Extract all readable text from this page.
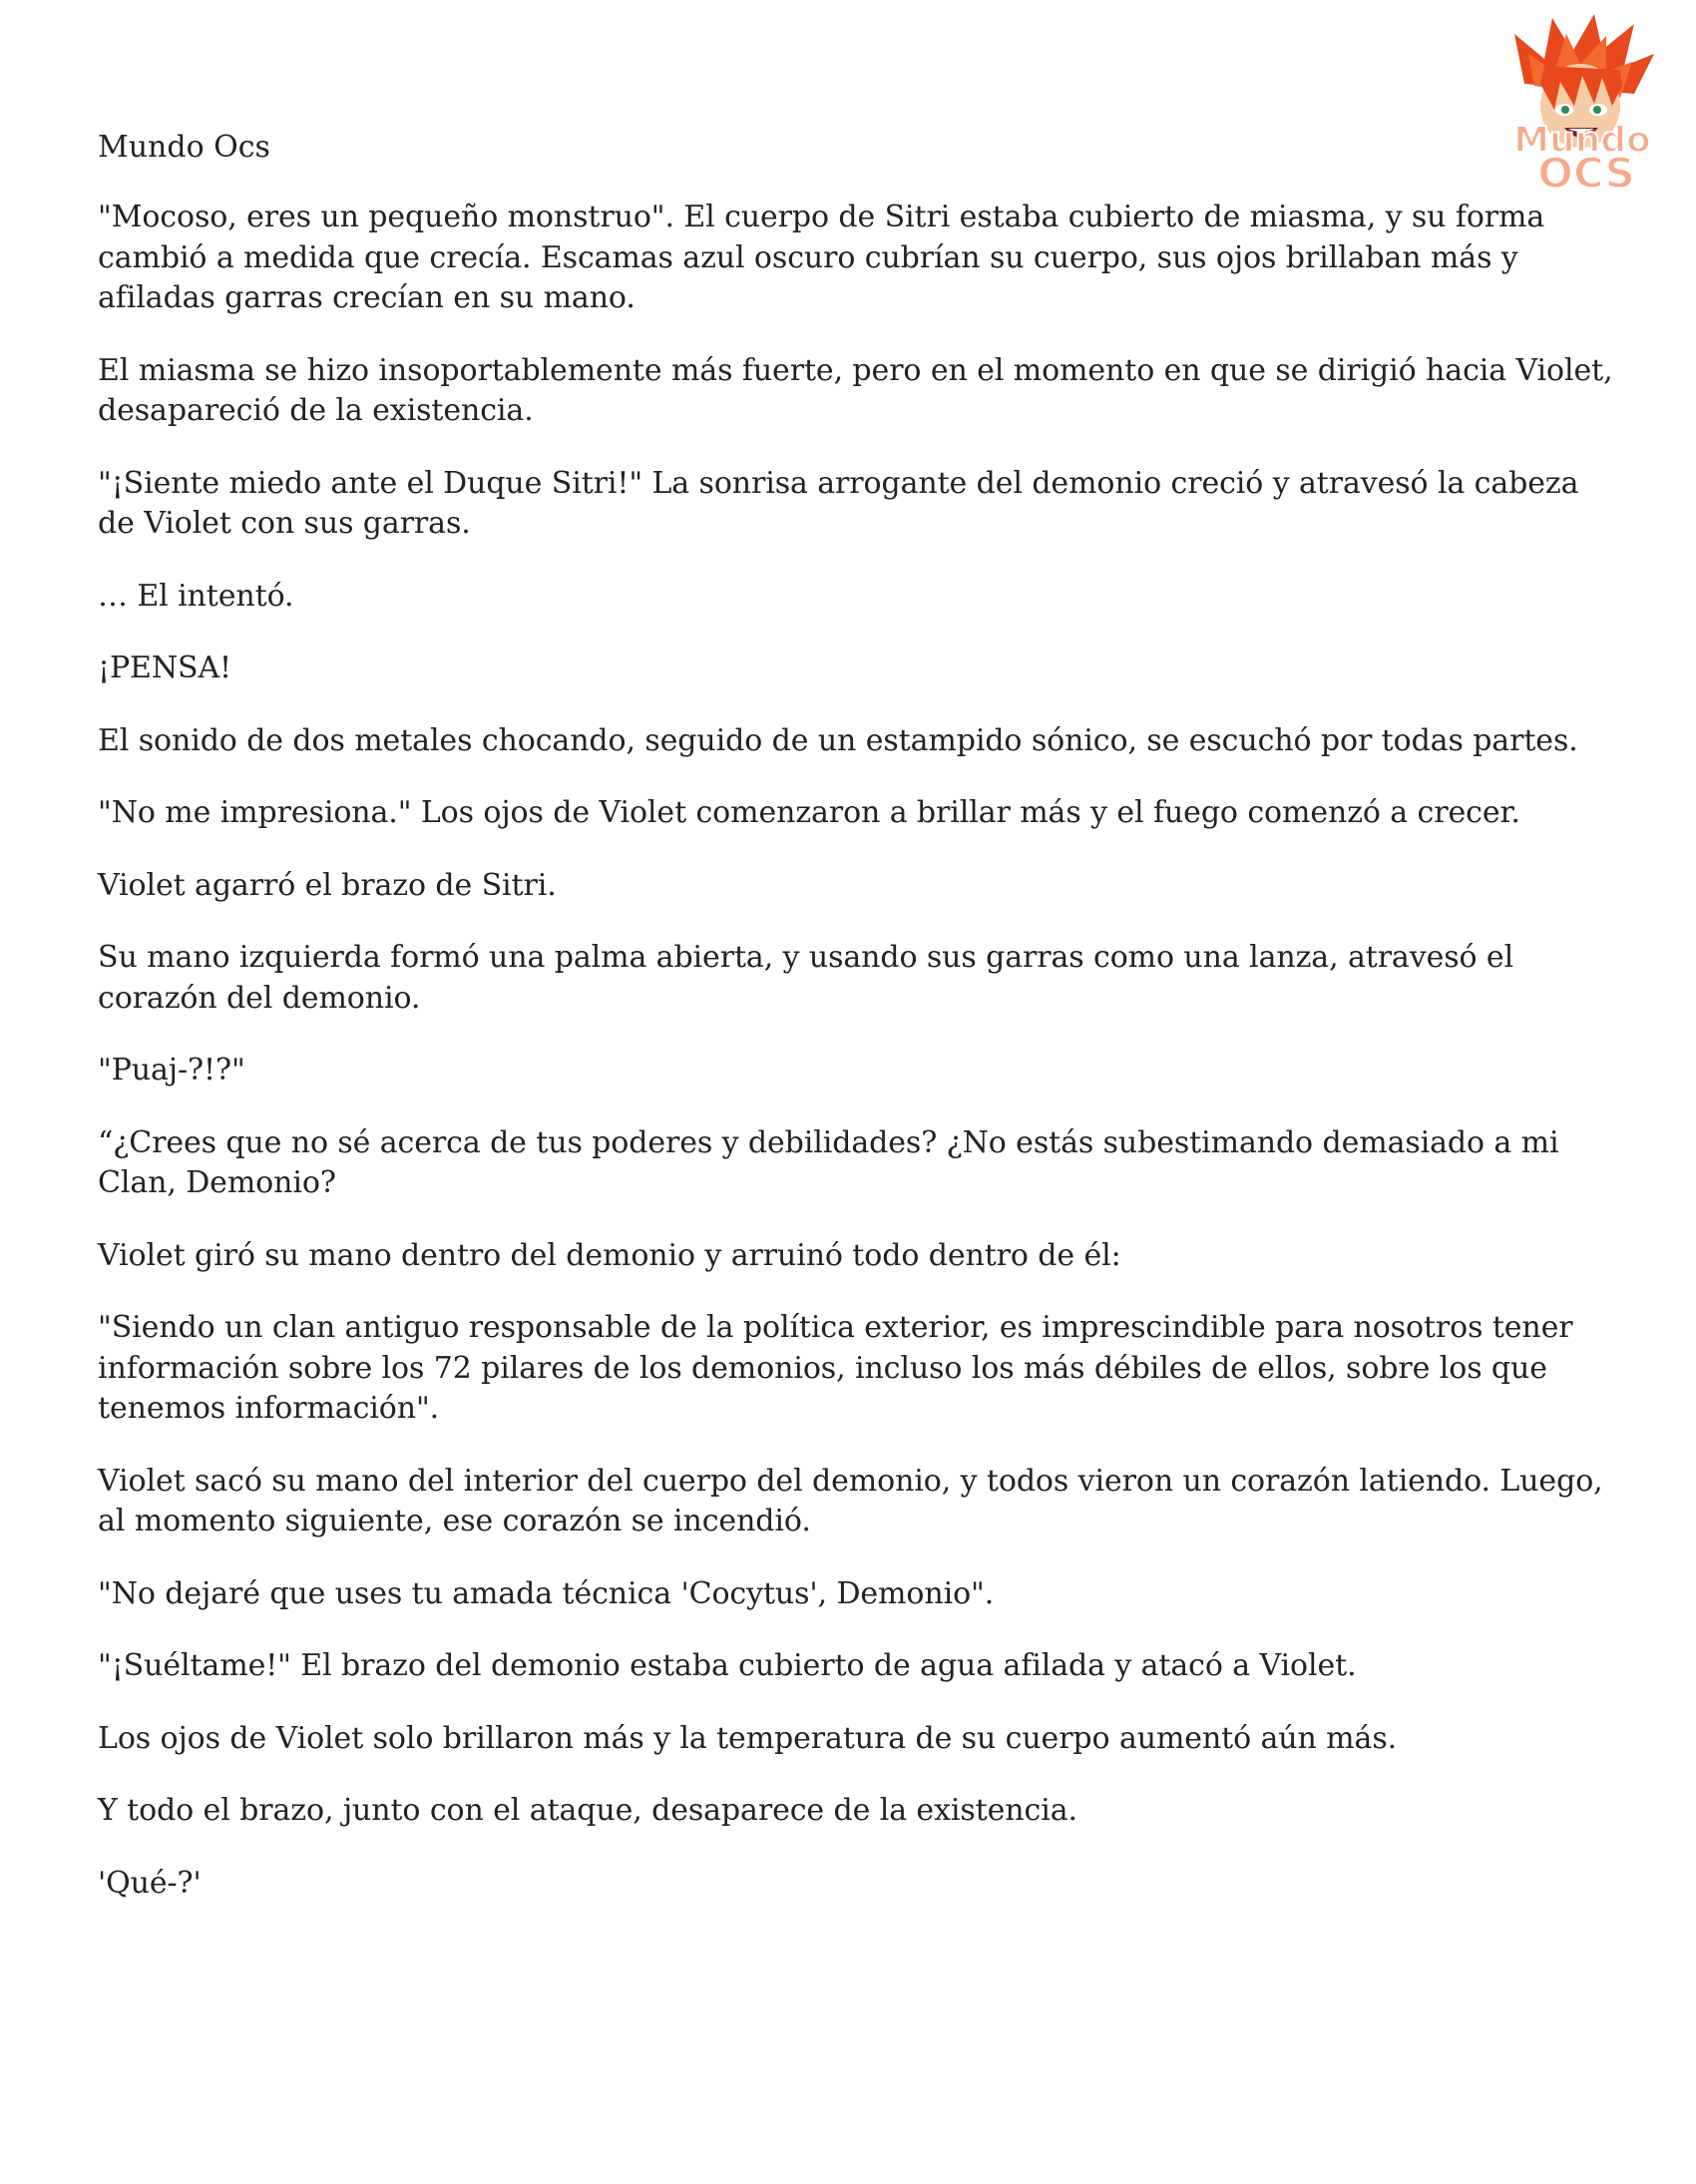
Mundo
OCS

Mundo Ocs

"Mocoso, eres un pequeño monstruo". El cuerpo de Sitri estaba cubierto de miasma, y su forma cambió a medida que crecía. Escamas azul oscuro cubrían su cuerpo, sus ojos brillaban más y afiladas garras crecían en su mano.

El miasma se hizo insoportablemente más fuerte, pero en el momento en que se dirigió hacia Violet, desapareció de la existencia.

"¡Siente miedo ante el Duque Sitri!" La sonrisa arrogante del demonio creció y atravesó la cabeza de Violet con sus garras.

… El intentó.

¡PENSA!

El sonido de dos metales chocando, seguido de un estampido sónico, se escuchó por todas partes.

"No me impresiona." Los ojos de Violet comenzaron a brillar más y el fuego comenzó a crecer.

Violet agarró el brazo de Sitri.

Su mano izquierda formó una palma abierta, y usando sus garras como una lanza, atravesó el corazón del demonio.

"Puaj-?!?"

“¿Crees que no sé acerca de tus poderes y debilidades? ¿No estás subestimando demasiado a mi Clan, Demonio?

Violet giró su mano dentro del demonio y arruinó todo dentro de él:

"Siendo un clan antiguo responsable de la política exterior, es imprescindible para nosotros tener información sobre los 72 pilares de los demonios, incluso los más débiles de ellos, sobre los que tenemos información".

Violet sacó su mano del interior del cuerpo del demonio, y todos vieron un corazón latiendo. Luego, al momento siguiente, ese corazón se incendió.

"No dejaré que uses tu amada técnica 'Cocytus', Demonio".

"¡Suéltame!" El brazo del demonio estaba cubierto de agua afilada y atacó a Violet.

Los ojos de Violet solo brillaron más y la temperatura de su cuerpo aumentó aún más.

Y todo el brazo, junto con el ataque, desaparece de la existencia.

'Qué-?'
